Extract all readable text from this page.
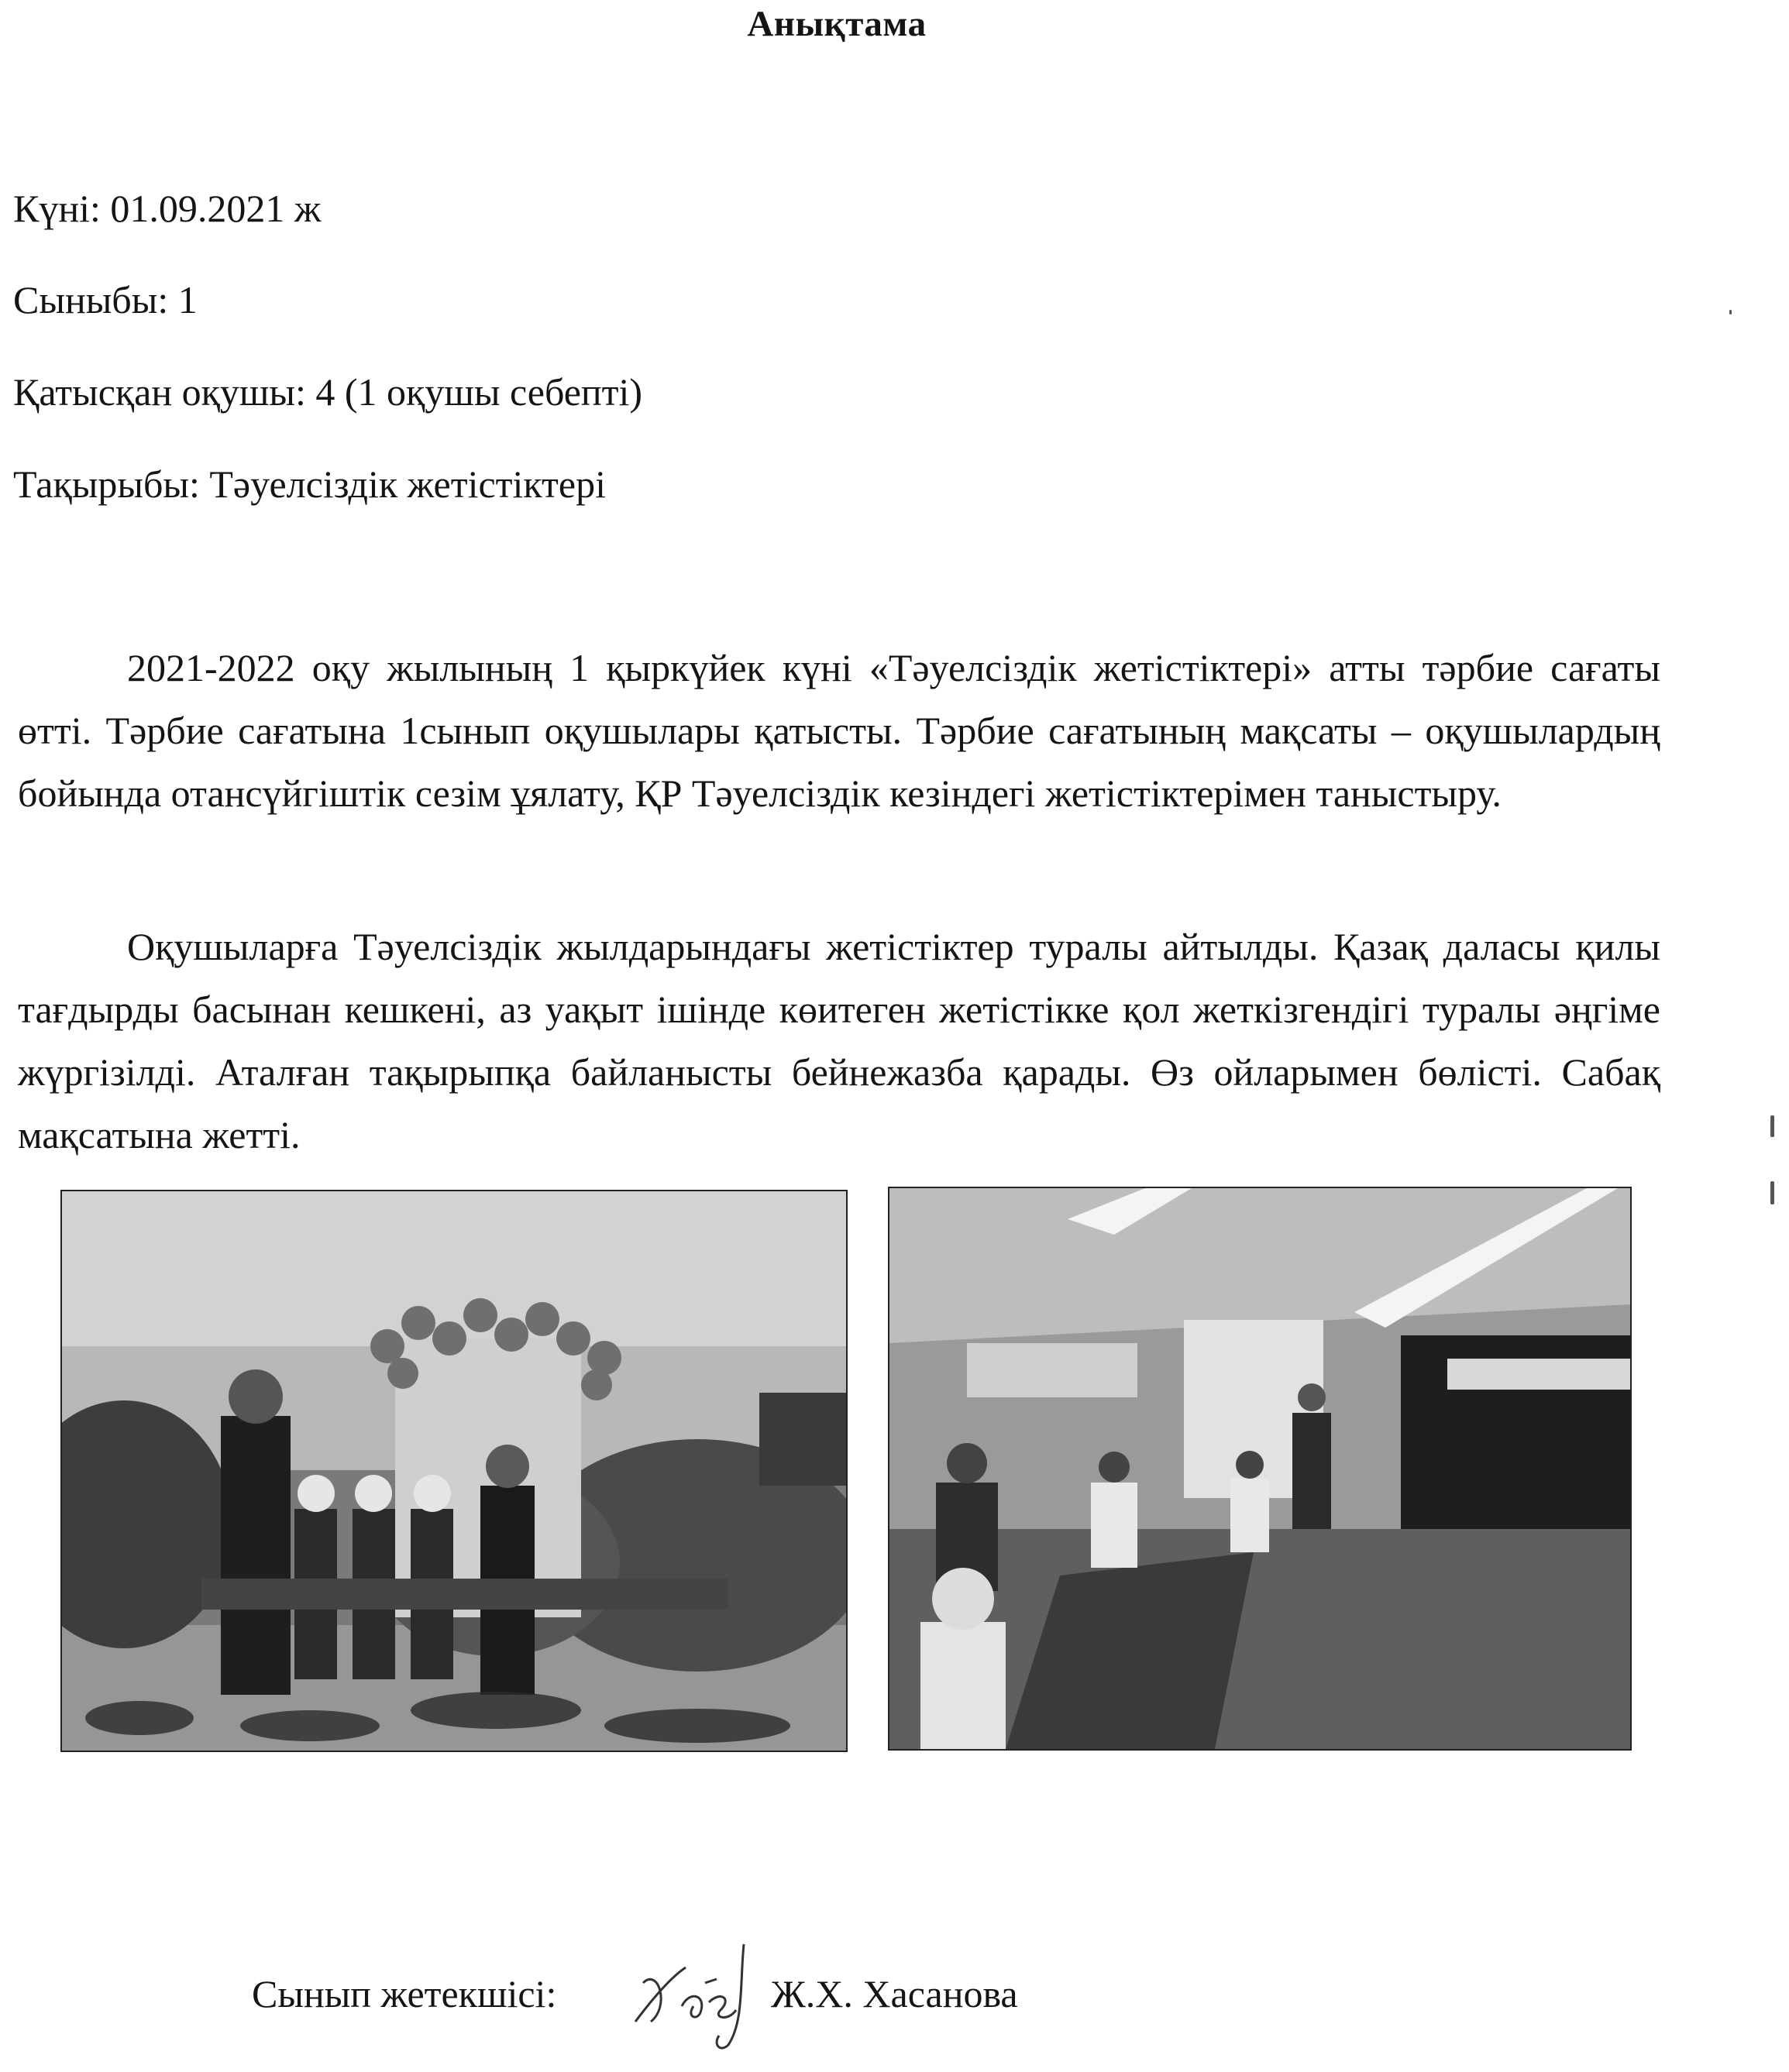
Анықтама
Күні: 01.09.2021 ж
Сыныбы: 1
Қатысқан оқушы: 4 (1 оқушы себепті)
Тақырыбы: Тәуелсіздік жетістіктері

2021-2022 оқу жылының 1 қыркүйек күні «Тәуелсіздік жетістіктері» атты тәрбие сағаты өтті. Тәрбие сағатына 1сынып оқушылары қатысты. Тәрбие сағатының мақсаты – оқушылардың бойында отансүйгіштік сезім ұялату, ҚР Тәуелсіздік кезіндегі жетістіктерімен таныстыру.

Оқушыларға Тәуелсіздік жылдарындағы жетістіктер туралы айтылды. Қазақ даласы қилы тағдырды басынан кешкені, аз уақыт ішінде көитеген жетістікке қол жеткізгендігі туралы әңгіме жүргізілді. Аталған тақырыпқа байланысты бейнежазба қарады. Өз ойларымен бөлісті. Сабақ мақсатына жетті.

Сынып жетекшісі:	Ж.Х. Хасанова
